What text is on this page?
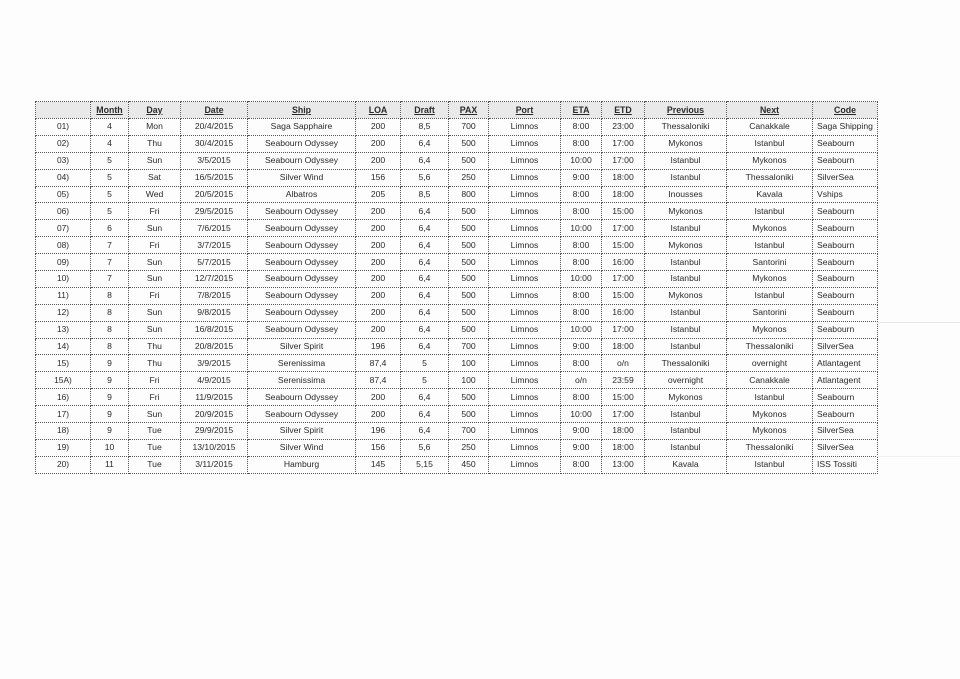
	Month	Day	Date	Ship	LOA	Draft	PAX	Port	ETA	ETD	Previous	Next	Code
01)	4	Mon	20/4/2015	Saga Sapphaire	200	8,5	700	Limnos	8:00	23:00	Thessaloniki	Canakkale	Saga Shipping
02)	4	Thu	30/4/2015	Seabourn Odyssey	200	6,4	500	Limnos	8:00	17:00	Mykonos	Istanbul	Seabourn
03)	5	Sun	3/5/2015	Seabourn Odyssey	200	6,4	500	Limnos	10:00	17:00	Istanbul	Mykonos	Seabourn
04)	5	Sat	16/5/2015	Silver Wind	156	5,6	250	Limnos	9:00	18:00	Istanbul	Thessaloniki	SilverSea
05)	5	Wed	20/5/2015	Albatros	205	8,5	800	Limnos	8:00	18:00	Inousses	Kavala	Vships
06)	5	Fri	29/5/2015	Seabourn Odyssey	200	6,4	500	Limnos	8:00	15:00	Mykonos	Istanbul	Seabourn
07)	6	Sun	7/6/2015	Seabourn Odyssey	200	6,4	500	Limnos	10:00	17:00	Istanbul	Mykonos	Seabourn
08)	7	Fri	3/7/2015	Seabourn Odyssey	200	6,4	500	Limnos	8:00	15:00	Mykonos	Istanbul	Seabourn
09)	7	Sun	5/7/2015	Seabourn Odyssey	200	6,4	500	Limnos	8:00	16:00	Istanbul	Santorini	Seabourn
10)	7	Sun	12/7/2015	Seabourn Odyssey	200	6,4	500	Limnos	10:00	17:00	Istanbul	Mykonos	Seabourn
11)	8	Fri	7/8/2015	Seabourn Odyssey	200	6,4	500	Limnos	8:00	15:00	Mykonos	Istanbul	Seabourn
12)	8	Sun	9/8/2015	Seabourn Odyssey	200	6,4	500	Limnos	8:00	16:00	Istanbul	Santorini	Seabourn
13)	8	Sun	16/8/2015	Seabourn Odyssey	200	6,4	500	Limnos	10:00	17:00	Istanbul	Mykonos	Seabourn
14)	8	Thu	20/8/2015	Silver Spirit	196	6,4	700	Limnos	9:00	18:00	Istanbul	Thessaloniki	SilverSea
15)	9	Thu	3/9/2015	Serenissima	87,4	5	100	Limnos	8:00	o/n	Thessaloniki	overnight	Atlantagent
15A)	9	Fri	4/9/2015	Serenissima	87,4	5	100	Limnos	o/n	23:59	overnight	Canakkale	Atlantagent
16)	9	Fri	11/9/2015	Seabourn Odyssey	200	6,4	500	Limnos	8:00	15:00	Mykonos	Istanbul	Seabourn
17)	9	Sun	20/9/2015	Seabourn Odyssey	200	6,4	500	Limnos	10:00	17:00	Istanbul	Mykonos	Seabourn
18)	9	Tue	29/9/2015	Silver Spirit	196	6,4	700	Limnos	9:00	18:00	Istanbul	Mykonos	SilverSea
19)	10	Tue	13/10/2015	Silver Wind	156	5,6	250	Limnos	9:00	18:00	Istanbul	Thessaloniki	SilverSea
20)	11	Tue	3/11/2015	Hamburg	145	5,15	450	Limnos	8:00	13:00	Kavala	Istanbul	ISS Tossiti
